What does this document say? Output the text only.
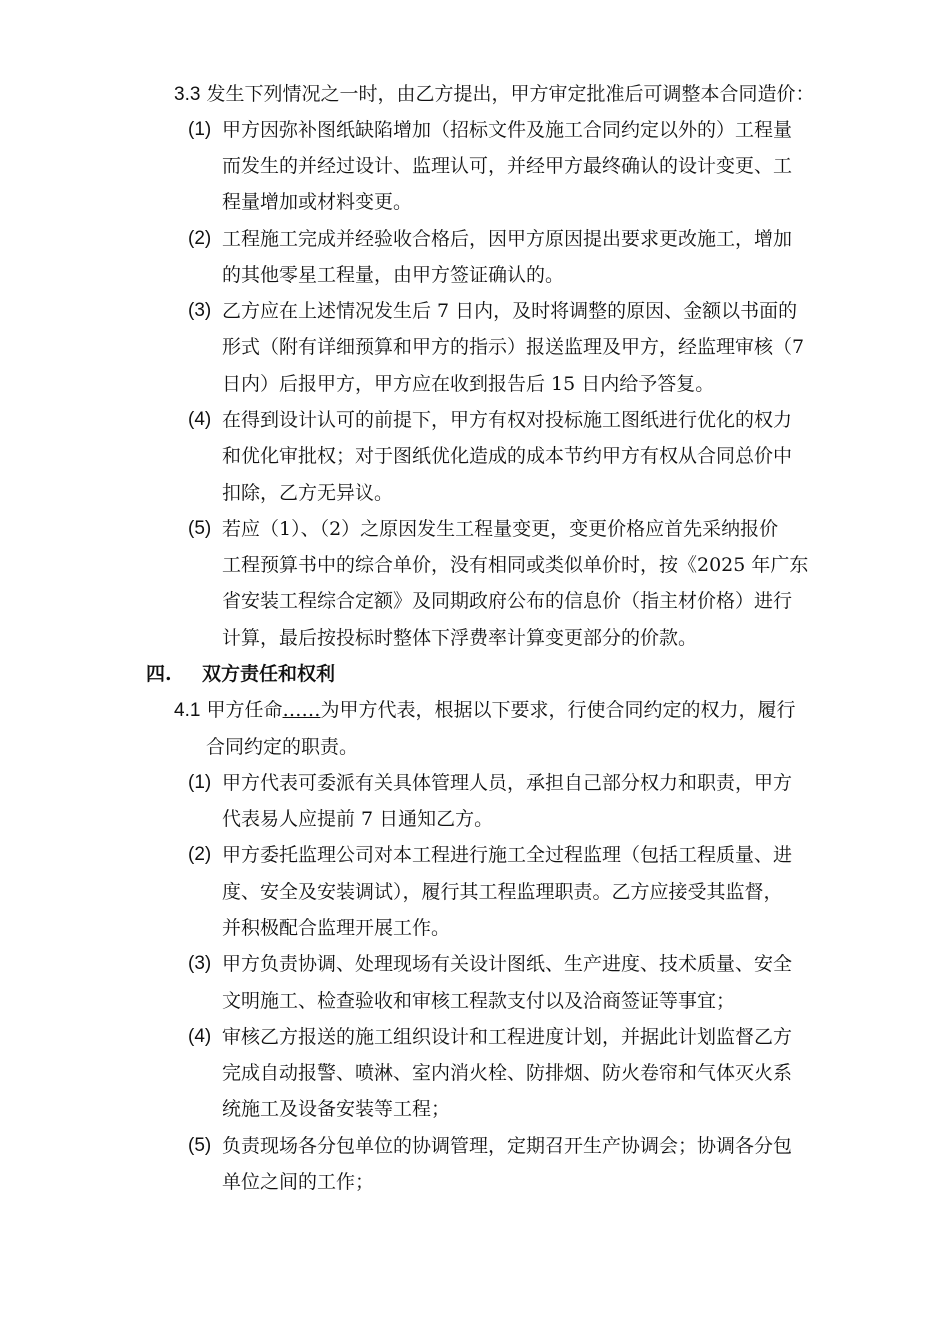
3.3 发生下列情况之一时，由乙方提出，甲方审定批准后可调整本合同造价：
(1) 甲方因弥补图纸缺陷增加（招标文件及施工合同约定以外的）工程量
而发生的并经过设计、监理认可，并经甲方最终确认的设计变更、工
程量增加或材料变更。
(2) 工程施工完成并经验收合格后，因甲方原因提出要求更改施工，增加
的其他零星工程量，由甲方签证确认的。
(3) 乙方应在上述情况发生后 7 日内，及时将调整的原因、金额以书面的
形式（附有详细预算和甲方的指示）报送监理及甲方，经监理审核（7
日内）后报甲方，甲方应在收到报告后 15 日内给予答复。
(4) 在得到设计认可的前提下，甲方有权对投标施工图纸进行优化的权力
和优化审批权；对于图纸优化造成的成本节约甲方有权从合同总价中
扣除，乙方无异议。
(5) 若应（1）、（2）之原因发生工程量变更，变更价格应首先采纳报价
工程预算书中的综合单价，没有相同或类似单价时，按《2025 年广东
省安装工程综合定额》及同期政府公布的信息价（指主材价格）进行
计算，最后按投标时整体下浮费率计算变更部分的价款。
四. 双方责任和权利
4.1 甲方任命……为甲方代表，根据以下要求，行使合同约定的权力，履行
合同约定的职责。
(1) 甲方代表可委派有关具体管理人员，承担自己部分权力和职责，甲方
代表易人应提前 7 日通知乙方。
(2) 甲方委托监理公司对本工程进行施工全过程监理（包括工程质量、进
度、安全及安装调试），履行其工程监理职责。乙方应接受其监督，
并积极配合监理开展工作。
(3) 甲方负责协调、处理现场有关设计图纸、生产进度、技术质量、安全
文明施工、检查验收和审核工程款支付以及洽商签证等事宜；
(4) 审核乙方报送的施工组织设计和工程进度计划，并据此计划监督乙方
完成自动报警、喷淋、室内消火栓、防排烟、防火卷帘和气体灭火系
统施工及设备安装等工程；
(5) 负责现场各分包单位的协调管理，定期召开生产协调会；协调各分包
单位之间的工作；
